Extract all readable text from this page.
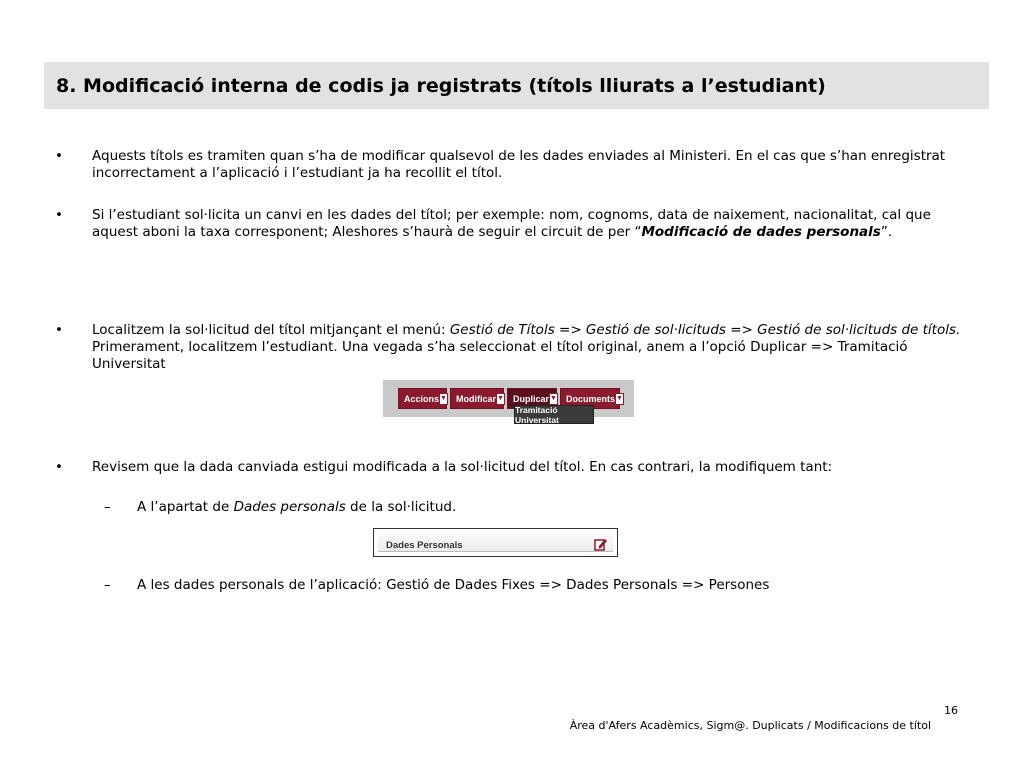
8. Modificació interna de codis ja registrats (títols lliurats a l’estudiant)
• Aquests títols es tramiten quan s’ha de modificar qualsevol de les dades enviades al Ministeri. En el cas que s’han enregistrat incorrectament a l’aplicació i l’estudiant ja ha recollit el títol.
• Si l’estudiant sol·licita un canvi en les dades del títol; per exemple: nom, cognoms, data de naixement, nacionalitat, cal que aquest aboni la taxa corresponent; Aleshores s’haurà de seguir el circuit de per “Modificació de dades personals”.
• Localitzem la sol·licitud del títol mitjançant el menú: Gestió de Títols => Gestió de sol·licituds => Gestió de sol·licituds de títols. Primerament, localitzem l’estudiant. Una vegada s’ha seleccionat el títol original, anem a l’opció Duplicar => Tramitació Universitat
Accions ▼ Modificar ▼ Duplicar ▼ Documents ▼
Tramitació Universitat
• Revisem que la dada canviada estigui modificada a la sol·licitud del títol. En cas contrari, la modifiquem tant:
– A l’apartat de Dades personals de la sol·licitud.
Dades Personals
– A les dades personals de l’aplicació: Gestió de Dades Fixes => Dades Personals => Persones
16
Àrea d'Afers Acadèmics, Sigm@. Duplicats / Modificacions de títol
